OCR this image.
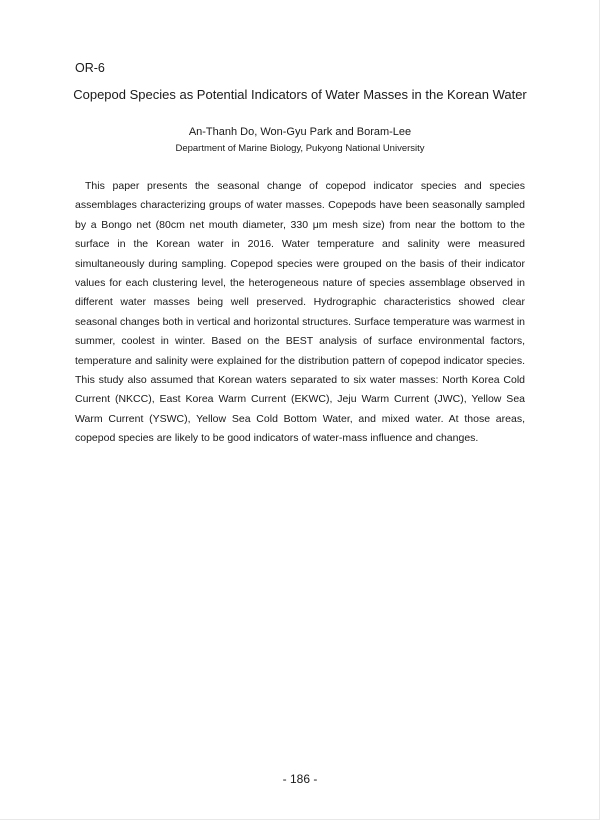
OR-6
Copepod Species as Potential Indicators of Water Masses in the Korean Water
An-Thanh Do, Won-Gyu Park and Boram-Lee
Department of Marine Biology, Pukyong National University

This paper presents the seasonal change of copepod indicator species and species assemblages characterizing groups of water masses. Copepods have been seasonally sampled by a Bongo net (80cm net mouth diameter, 330 μm mesh size) from near the bottom to the surface in the Korean water in 2016. Water temperature and salinity were measured simultaneously during sampling. Copepod species were grouped on the basis of their indicator values for each clustering level, the heterogeneous nature of species assemblage observed in different water masses being well preserved. Hydrographic characteristics showed clear seasonal changes both in vertical and horizontal structures. Surface temperature was warmest in summer, coolest in winter. Based on the BEST analysis of surface environmental factors, temperature and salinity were explained for the distribution pattern of copepod indicator species. This study also assumed that Korean waters separated to six water masses: North Korea Cold Current (NKCC), East Korea Warm Current (EKWC), Jeju Warm Current (JWC), Yellow Sea Warm Current (YSWC), Yellow Sea Cold Bottom Water, and mixed water. At those areas, copepod species are likely to be good indicators of water-mass influence and changes.

- 186 -
